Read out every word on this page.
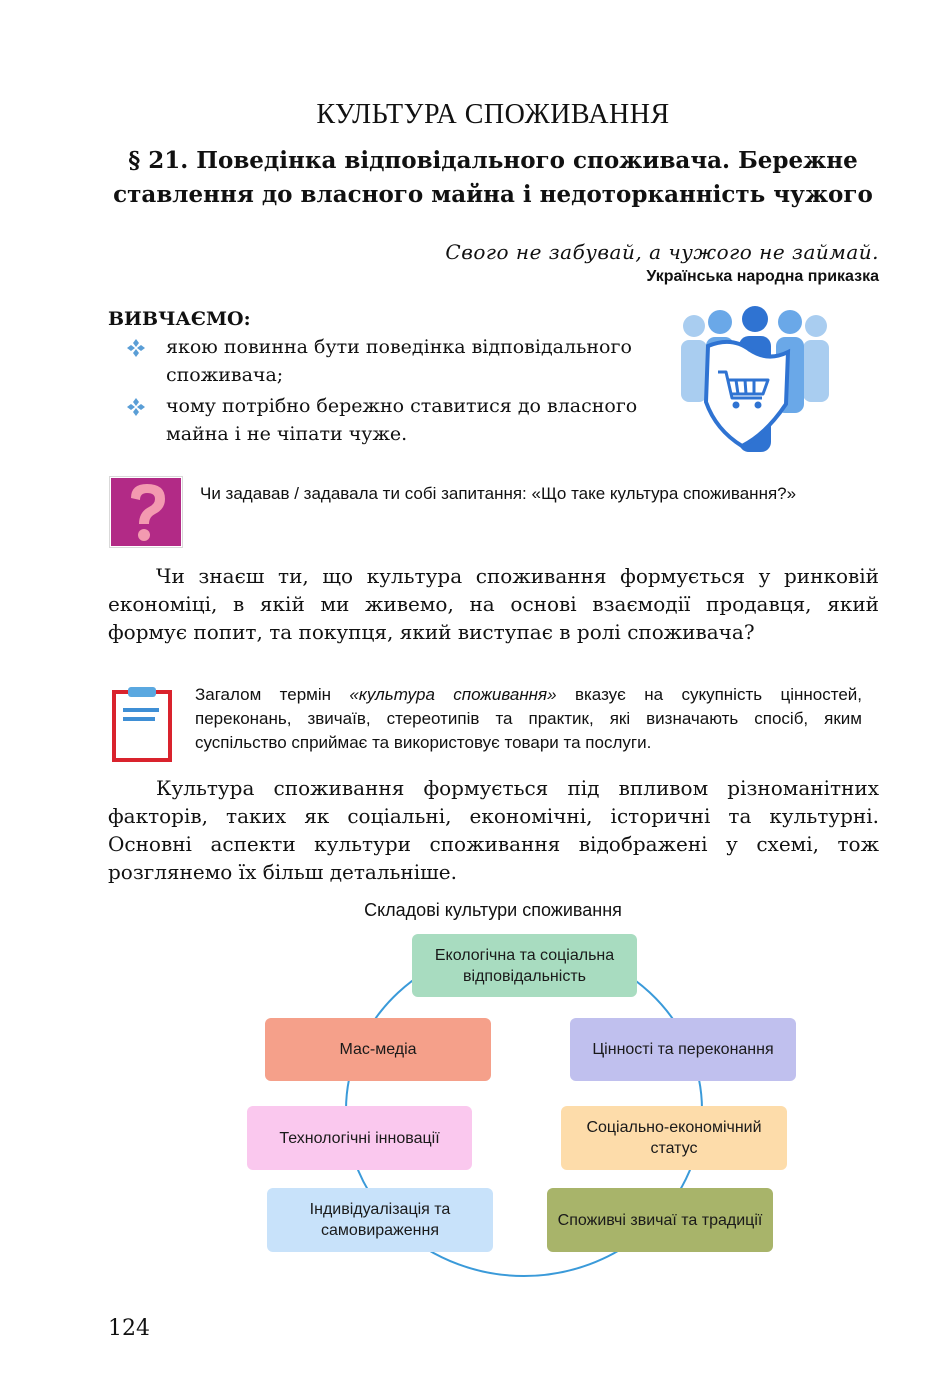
КУЛЬТУРА СПОЖИВАННЯ
§ 21. Поведінка відповідального споживача. Бережне ставлення до власного майна і недоторканність чужого
Свого не забувай, а чужого не займай.
Українська народна приказка
ВИВЧАЄМО:
якою повинна бути поведінка відповідального споживача;
чому потрібно бережно ставитися до власного майна і не чіпати чуже.
Чи задавав / задавала ти собі запитання: «Що таке культура споживання?»

Чи знаєш ти, що культура споживання формується у ринковій економіці, в якій ми живемо, на основі взаємодії продавця, який формує попит, та покупця, який виступає в ролі споживача?

Загалом термін «культура споживання» вказує на сукупність цінностей, переконань, звичаїв, стереотипів та практик, які визначають спосіб, яким суспільство сприймає та використовує товари та послуги.

Культура споживання формується під впливом різноманітних факторів, таких як соціальні, економічні, історичні та культурні. Основні аспекти культури споживання відображені у схемі, тож розглянемо їх більш детальніше.

Складові культури споживання
Екологічна та соціальна відповідальність
Мас-медіа	Цінності та переконання
Технологічні інновації
Соціально-економічний статус
Індивідуалізація та самовираження
Споживчі звичаї та традиції
124
